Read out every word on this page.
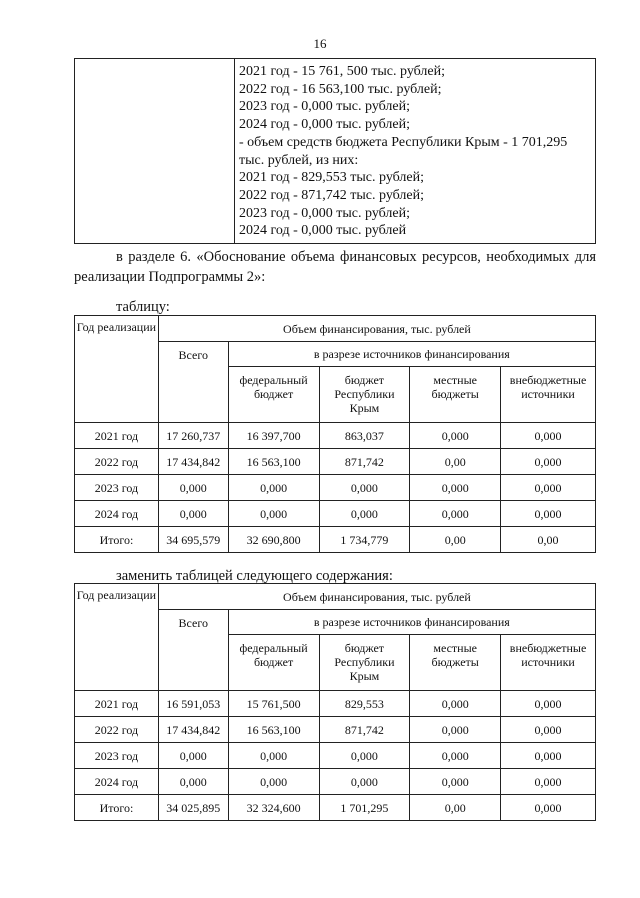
16

2021 год - 15 761, 500 тыс. рублей;
2022 год - 16 563,100 тыс. рублей;
2023 год - 0,000 тыс. рублей;
2024 год - 0,000 тыс. рублей;
- объем средств бюджета Республики Крым - 1 701,295
тыс. рублей, из них:
2021 год - 829,553 тыс. рублей;
2022 год - 871,742 тыс. рублей;
2023 год - 0,000 тыс. рублей;
2024 год - 0,000 тыс. рублей
в разделе 6. «Обоснование объема финансовых ресурсов, необходимых для реализации Подпрограммы 2»:
таблицу:
Год реализации	Объем финансирования, тыс. рублей				
	Всего	в разрезе источников финансирования			
		федеральный бюджет	бюджет Республики Крым	местные бюджеты	внебюджетные источники
2021 год	17 260,737	16 397,700	863,037	0,000	0,000
2022 год	17 434,842	16 563,100	871,742	0,00	0,000
2023 год	0,000	0,000	0,000	0,000	0,000
2024 год	0,000	0,000	0,000	0,000	0,000
Итого:	34 695,579	32 690,800	1 734,779	0,00	0,00
заменить таблицей следующего содержания:
Год реализации	Объем финансирования, тыс. рублей				
	Всего	в разрезе источников финансирования			
		федеральный бюджет	бюджет Республики Крым	местные бюджеты	внебюджетные источники
2021 год	16 591,053	15 761,500	829,553	0,000	0,000
2022 год	17 434,842	16 563,100	871,742	0,000	0,000
2023 год	0,000	0,000	0,000	0,000	0,000
2024 год	0,000	0,000	0,000	0,000	0,000
Итого:	34 025,895	32 324,600	1 701,295	0,00	0,000
